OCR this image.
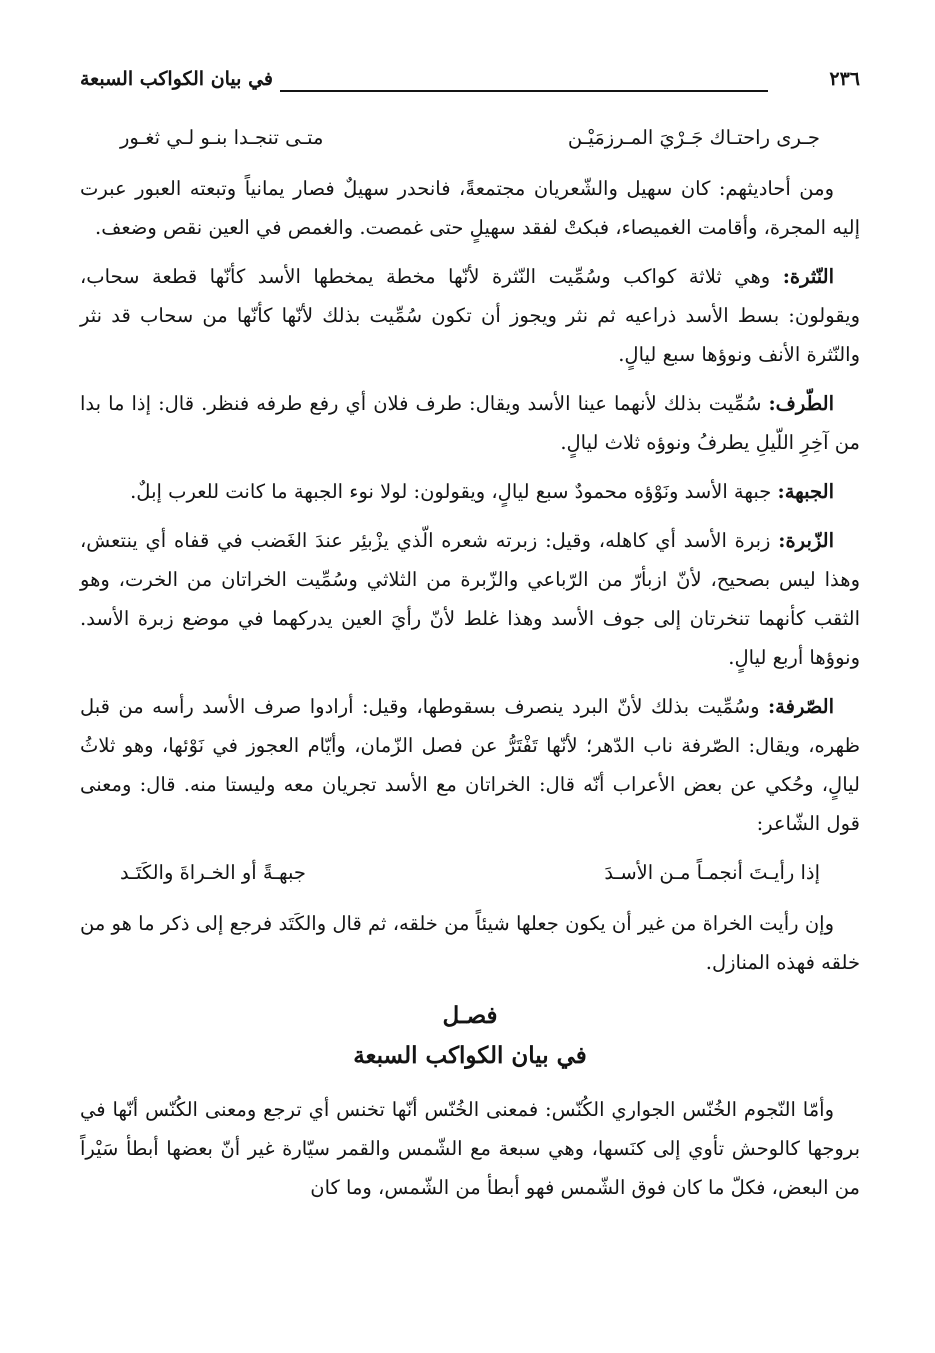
في بيان الكواكب السبعة	٢٣٦
جـرى راحتـاك جَـرْيَ المـرزمَيْـن
متـى تنجـدا بنـو لـي ثغـور

ومن أحاديثهم: كان سهيل والشّعريان مجتمعةً، فانحدر سهيلٌ فصار يمانياً وتبعته العبور عبرت إليه المجرة، وأقامت الغميصاء، فبكتْ لفقد سهيلٍ حتى غمصت. والغمص في العين نقص وضعف.

النّثرة: وهي ثلاثة كواكب وسُمِّيت النّثرة لأنّها مخطة يمخطها الأسد كأنّها قطعة سحاب، ويقولون: بسط الأسد ذراعيه ثم نثر ويجوز أن تكون سُمِّيت بذلك لأنّها كأنّها من سحاب قد نثر والنّثرة الأنف ونوؤها سبع ليالٍ.

الطّرف: سُمِّيت بذلك لأنهما عينا الأسد ويقال: طرف فلان أي رفع طرفه فنظر. قال: إذا ما بدا من آخِرِ اللّيلِ يطرفُ ونوؤه ثلاث ليالٍ.

الجبهة: جبهة الأسد ونَوْؤه محمودٌ سبع ليالٍ، ويقولون: لولا نوء الجبهة ما كانت للعرب إبلٌ.

الزّبرة: زبرة الأسد أي كاهله، وقيل: زبرته شعره الّذي يزْبئِر عندَ الغَضب في قفاه أي ينتعش، وهذا ليس بصحيح، لأنّ ازبأرّ من الرّباعي والزّبرة من الثلاثي وسُمِّيت الخراتان من الخرت، وهو الثقب كأنهما تنخرتان إلى جوف الأسد وهذا غلط لأنّ رأيَ العين يدركهما في موضع زبرة الأسد. ونوؤها أربع ليالٍ.

الصّرفة: وسُمِّيت بذلك لأنّ البرد ينصرف بسقوطها، وقيل: أرادوا صرف الأسد رأسه من قبل ظهره، ويقال: الصّرفة ناب الدّهر؛ لأنّها تَفْتَرُّ عن فصل الزّمان، وأيّام العجوز في نَوْئها، وهو ثلاثُ ليالٍ، وحُكي عن بعض الأعراب أنّه قال: الخراتان مع الأسد تجريان معه وليستا منه. قال: ومعنى قول الشّاعر:

إذا رأيـتَ أنجمـاً مـن الأسـدَ
جبهـةً أو الخـراةَ والكَتَـد

وإن رأيت الخراة من غير أن يكون جعلها شيئاً من خلقه، ثم قال والكَتَد فرجع إلى ذكر ما هو من خلقه فهذه المنازل.

فصـل
في بيان الكواكب السبعة

وأمّا النّجوم الخُنّس الجواري الكُنّس: فمعنى الخُنّس أنّها تخنس أي ترجع ومعنى الكُنّس أنّها في بروجها كالوحش تأوي إلى كنَسها، وهي سبعة مع الشّمس والقمر سيّارة غير أنّ بعضها أبطأ سَيْراً من البعض، فكلّ ما كان فوق الشّمس فهو أبطأ من الشّمس، وما كان
